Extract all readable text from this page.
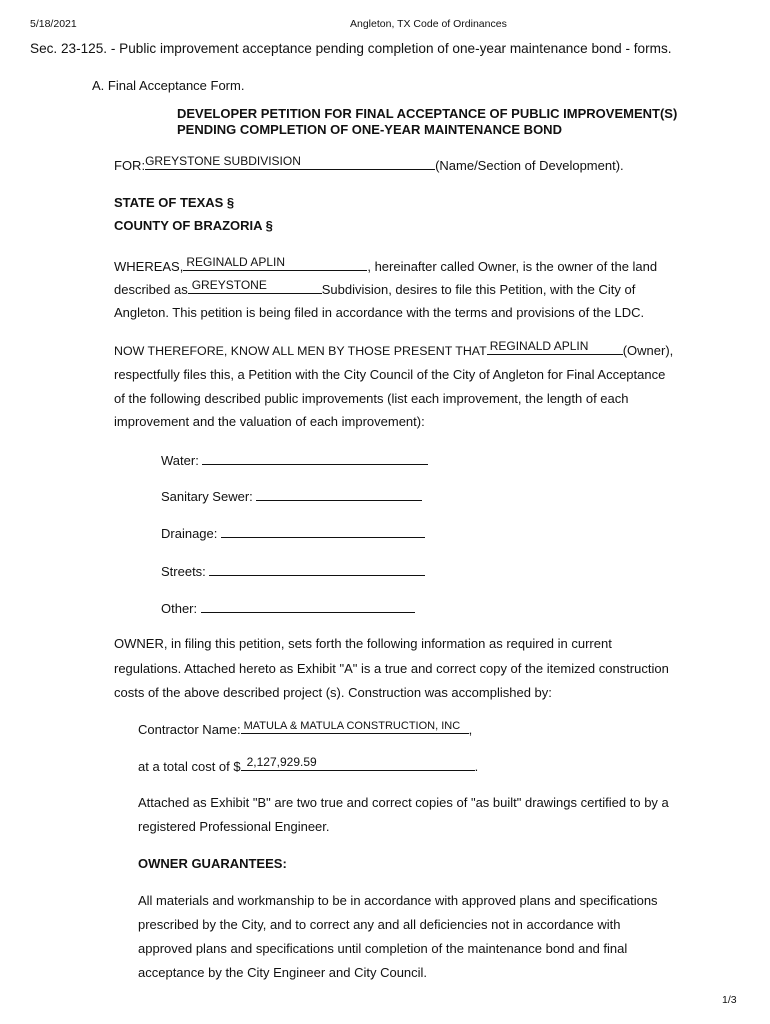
5/18/2021	Angleton, TX Code of Ordinances
Sec. 23-125. - Public improvement acceptance pending completion of one-year maintenance bond - forms.
A. Final Acceptance Form.
DEVELOPER PETITION FOR FINAL ACCEPTANCE OF PUBLIC IMPROVEMENT(S)
PENDING COMPLETION OF ONE-YEAR MAINTENANCE BOND
FOR: GREYSTONE SUBDIVISION	(Name/Section of Development).
STATE OF TEXAS §
COUNTY OF BRAZORIA §
WHEREAS, REGINALD APLIN	, hereinafter called Owner, is the owner of the land
described as GREYSTONE	Subdivision, desires to file this Petition, with the City of
Angleton. This petition is being filed in accordance with the terms and provisions of the LDC.
NOW THEREFORE, KNOW ALL MEN BY THOSE PRESENT THAT REGINALD APLIN	(Owner),
respectfully files this, a Petition with the City Council of the City of Angleton for Final Acceptance
of the following described public improvements (list each improvement, the length of each
improvement and the valuation of each improvement):
Water:
Sanitary Sewer:
Drainage:
Streets:
Other:
OWNER, in filing this petition, sets forth the following information as required in current
regulations. Attached hereto as Exhibit "A" is a true and correct copy of the itemized construction
costs of the above described project (s). Construction was accomplished by:
Contractor Name: MATULA & MATULA CONSTRUCTION, INC ,
at a total cost of $ 2,127,929.59	.
Attached as Exhibit "B" are two true and correct copies of "as built" drawings certified to by a
registered Professional Engineer.
OWNER GUARANTEES:
All materials and workmanship to be in accordance with approved plans and specifications
prescribed by the City, and to correct any and all deficiencies not in accordance with
approved plans and specifications until completion of the maintenance bond and final
acceptance by the City Engineer and City Council.
1/3
